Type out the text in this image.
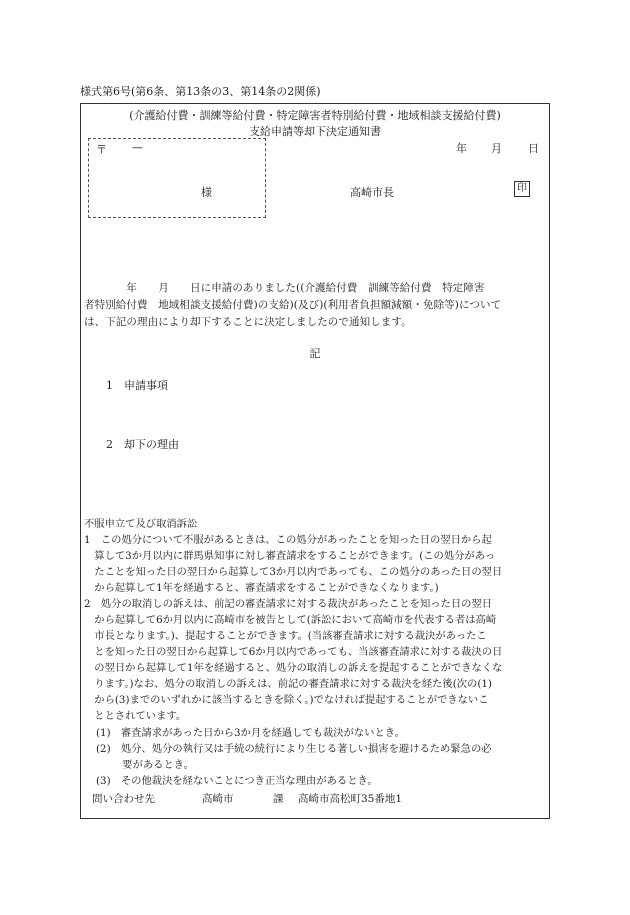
様式第6号(第6条、第13条の3、第14条の2関係)
(介護給付費・訓練等給付費・特定障害者特別給付費・地域相談支援給付費)
支給申請等却下決定通知書
〒 —
様
年 月 日
高崎市長	印
　　　　年　　月　　日に申請のありました((介護給付費　訓練等給付費　特定障害
者特別給付費　地域相談支援給付費)の支給)(及び)(利用者負担額減額・免除等)について
は、下記の理由により却下することに決定しましたので通知します。
記
1　申請事項
2　却下の理由
不服申立て及び取消訴訟
1　この処分について不服があるときは、この処分があったことを知った日の翌日から起
　算して3か月以内に群馬県知事に対し審査請求をすることができます。(この処分があっ
　たことを知った日の翌日から起算して3か月以内であっても、この処分のあった日の翌日
　から起算して1年を経過すると、審査請求をすることができなくなります。)
2　処分の取消しの訴えは、前記の審査請求に対する裁決があったことを知った日の翌日
　から起算して6か月以内に高崎市を被告として(訴訟において高崎市を代表する者は高崎
　市長となります。)、提起することができます。(当該審査請求に対する裁決があったこ
　とを知った日の翌日から起算して6か月以内であっても、当該審査請求に対する裁決の日
　の翌日から起算して1年を経過すると、処分の取消しの訴えを提起することができなくな
　ります。)なお、処分の取消しの訴えは、前記の審査請求に対する裁決を経た後(次の(1)
　から(3)までのいずれかに該当するときを除く。)でなければ提起することができないこ
　ととされています。
(1)　審査請求があった日から3か月を経過しても裁決がないとき。
(2)　処分、処分の執行又は手続の続行により生じる著しい損害を避けるため緊急の必
　要があるとき。
(3)　その他裁決を経ないことにつき正当な理由があるとき。
問い合わせ先	高崎市	課 高崎市高松町35番地1
